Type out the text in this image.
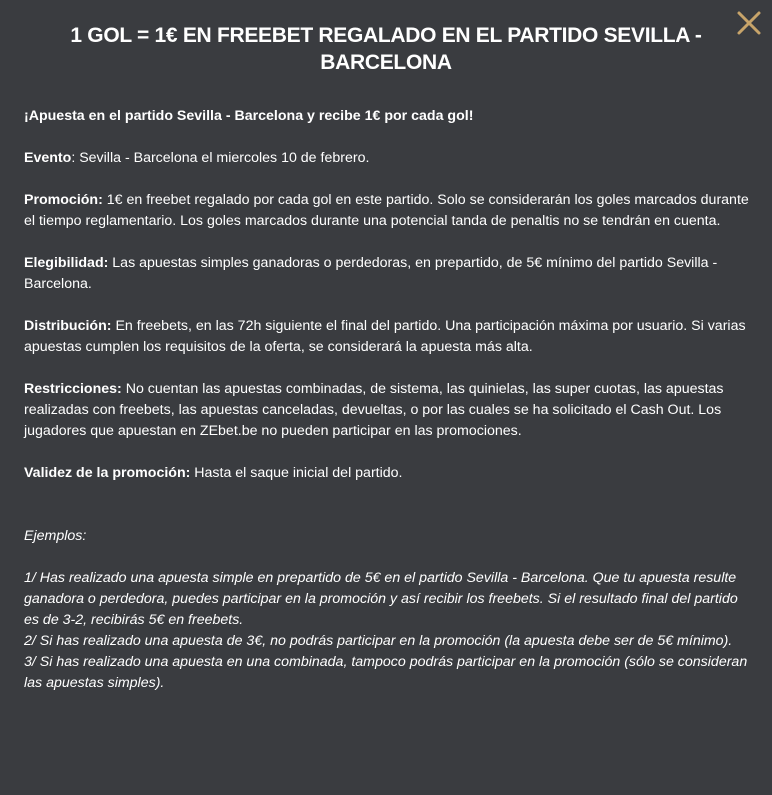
1 GOL = 1€ EN FREEBET REGALADO EN EL PARTIDO SEVILLA - BARCELONA

¡Apuesta en el partido Sevilla - Barcelona y recibe 1€ por cada gol!

Evento: Sevilla - Barcelona el miercoles 10 de febrero.

Promoción: 1€ en freebet regalado por cada gol en este partido. Solo se considerarán los goles marcados durante el tiempo reglamentario. Los goles marcados durante una potencial tanda de penaltis no se tendrán en cuenta.

Elegibilidad: Las apuestas simples ganadoras o perdedoras, en prepartido, de 5€ mínimo del partido Sevilla - Barcelona.

Distribución: En freebets, en las 72h siguiente el final del partido. Una participación máxima por usuario. Si varias apuestas cumplen los requisitos de la oferta, se considerará la apuesta más alta.

Restricciones: No cuentan las apuestas combinadas, de sistema, las quinielas, las super cuotas, las apuestas realizadas con freebets, las apuestas canceladas, devueltas, o por las cuales se ha solicitado el Cash Out. Los jugadores que apuestan en ZEbet.be no pueden participar en las promociones.

Validez de la promoción: Hasta el saque inicial del partido.

Ejemplos:

1/ Has realizado una apuesta simple en prepartido de 5€ en el partido Sevilla - Barcelona. Que tu apuesta resulte ganadora o perdedora, puedes participar en la promoción y así recibir los freebets. Si el resultado final del partido es de 3-2, recibirás 5€ en freebets.

2/ Si has realizado una apuesta de 3€, no podrás participar en la promoción (la apuesta debe ser de 5€ mínimo).

3/ Si has realizado una apuesta en una combinada, tampoco podrás participar en la promoción (sólo se consideran las apuestas simples).
